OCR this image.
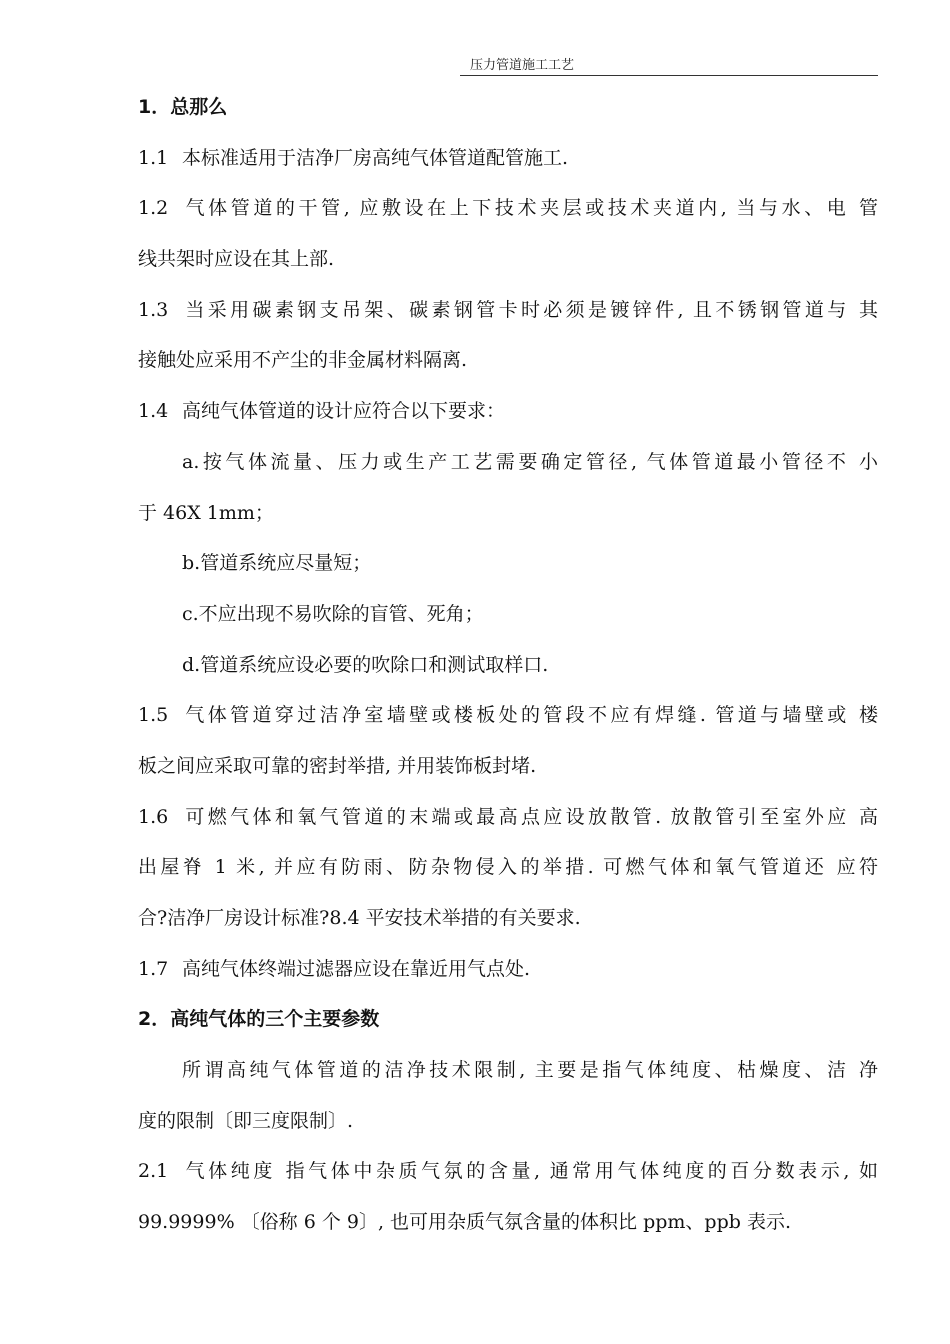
压力管道施工工艺
1．总那么
1.1 本标准适用于洁净厂房高纯气体管道配管施工.
1.2 气体管道的干管, 应敷设在上下技术夹层或技术夹道内, 当与水、电 管
线共架时应设在其上部.
1.3 当采用碳素钢支吊架、碳素钢管卡时必须是镀锌件, 且不锈钢管道与 其
接触处应采用不产尘的非金属材料隔离.
1.4 高纯气体管道的设计应符合以下要求：
a.按气体流量、压力或生产工艺需要确定管径, 气体管道最小管径不 小
于 46X 1mm；
b.管道系统应尽量短；
c.不应出现不易吹除的盲管、死角；
d.管道系统应设必要的吹除口和测试取样口.
1.5 气体管道穿过洁净室墙壁或楼板处的管段不应有焊缝. 管道与墙壁或 楼
板之间应采取可靠的密封举措, 并用装饰板封堵.
1.6 可燃气体和氧气管道的末端或最高点应设放散管. 放散管引至室外应 高
出屋脊 1 米, 并应有防雨、防杂物侵入的举措. 可燃气体和氧气管道还 应符
合?洁净厂房设计标准?8.4 平安技术举措的有关要求.
1.7 高纯气体终端过滤器应设在靠近用气点处.
2．高纯气体的三个主要参数
所谓高纯气体管道的洁净技术限制, 主要是指气体纯度、枯燥度、洁 净
度的限制〔即三度限制〕.
2.1 气体纯度 指气体中杂质气氛的含量, 通常用气体纯度的百分数表示, 如
99.9999% 〔俗称 6 个 9〕, 也可用杂质气氛含量的体积比 ppm、ppb 表示.
